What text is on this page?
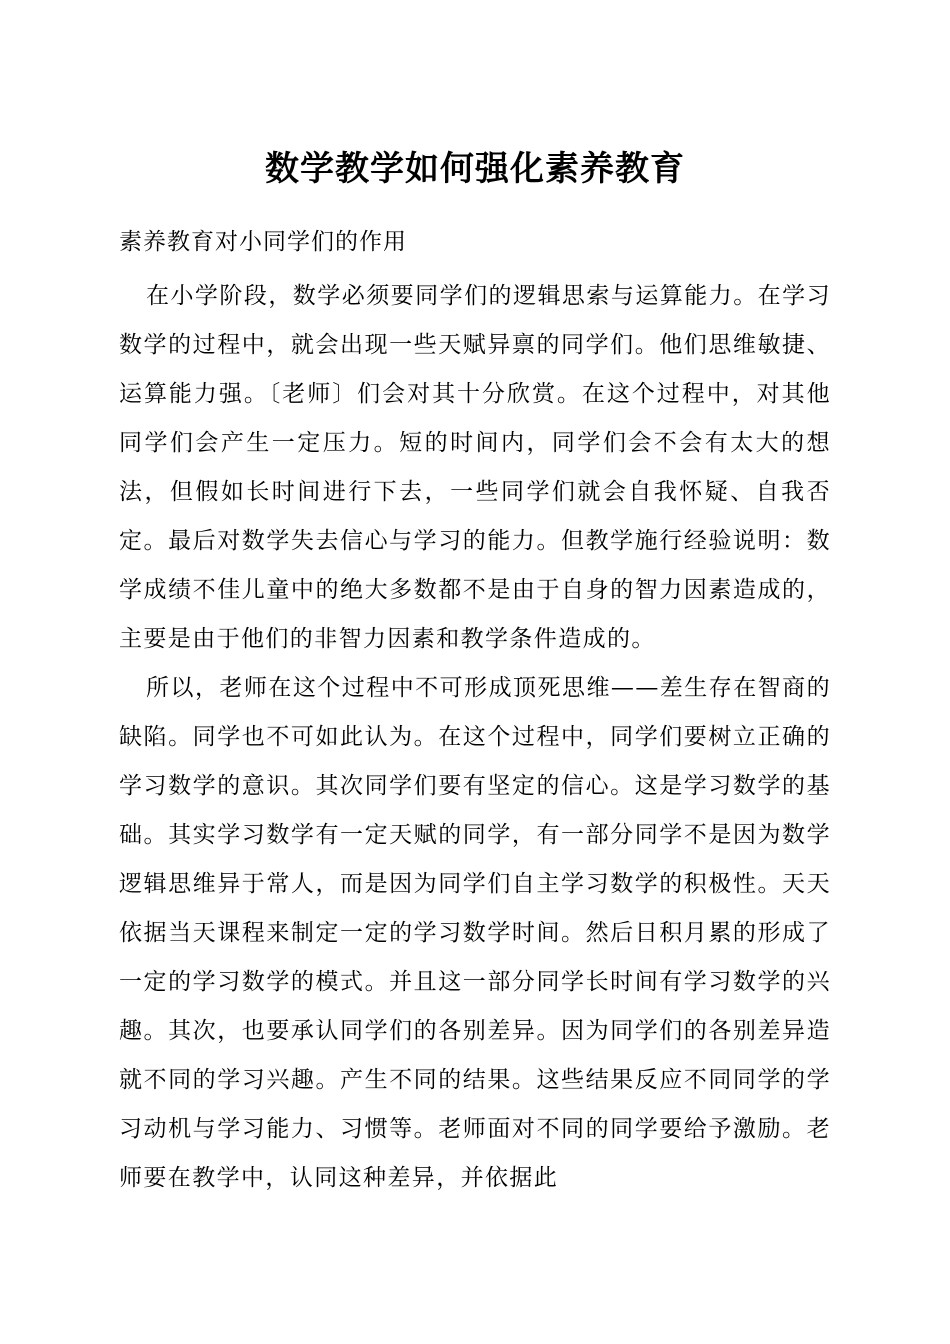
数学教学如何强化素养教育

素养教育对小同学们的作用

在小学阶段，数学必须要同学们的逻辑思索与运算能力。在学习数学的过程中，就会出现一些天赋异禀的同学们。他们思维敏捷、运算能力强。〔老师〕们会对其十分欣赏。在这个过程中，对其他同学们会产生一定压力。短的时间内，同学们会不会有太大的想法，但假如长时间进行下去，一些同学们就会自我怀疑、自我否定。最后对数学失去信心与学习的能力。但教学施行经验说明：数学成绩不佳儿童中的绝大多数都不是由于自身的智力因素造成的，主要是由于他们的非智力因素和教学条件造成的。

所以，老师在这个过程中不可形成顶死思维——差生存在智商的缺陷。同学也不可如此认为。在这个过程中，同学们要树立正确的学习数学的意识。其次同学们要有坚定的信心。这是学习数学的基础。其实学习数学有一定天赋的同学，有一部分同学不是因为数学逻辑思维异于常人，而是因为同学们自主学习数学的积极性。天天依据当天课程来制定一定的学习数学时间。然后日积月累的形成了一定的学习数学的模式。并且这一部分同学长时间有学习数学的兴趣。其次，也要承认同学们的各别差异。因为同学们的各别差异造就不同的学习兴趣。产生不同的结果。这些结果反应不同同学的学习动机与学习能力、习惯等。老师面对不同的同学要给予激励。老师要在教学中，认同这种差异，并依据此
